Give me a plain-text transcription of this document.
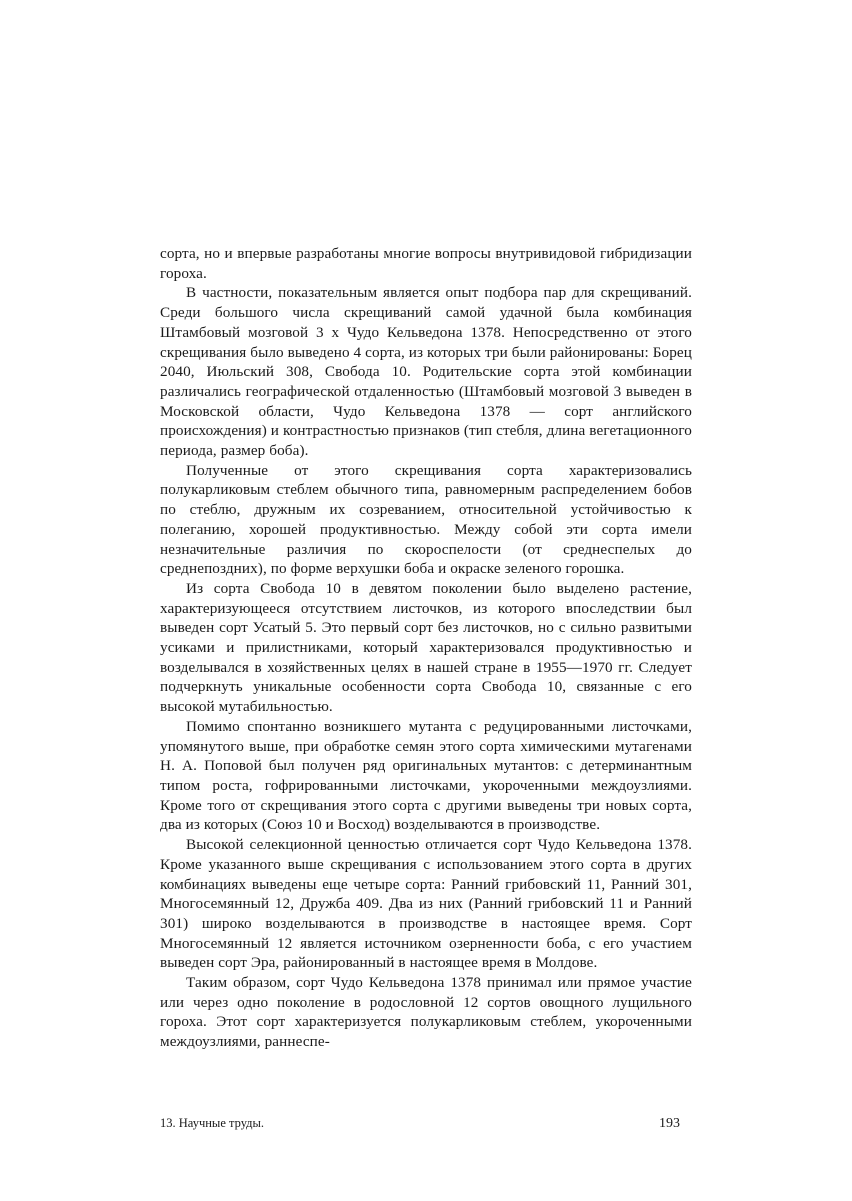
сорта, но и впервые разработаны многие вопросы внутривидовой гибридизации гороха.

В частности, показательным является опыт подбора пар для скрещиваний. Среди большого числа скрещиваний самой удачной была комбинация Штамбовый мозговой 3 х Чудо Кельведона 1378. Непосредственно от этого скрещивания было выведено 4 сорта, из которых три были районированы: Борец 2040, Июльский 308, Свобода 10. Родительские сорта этой комбинации различались географической отдаленностью (Штамбовый мозговой 3 выведен в Московской области, Чудо Кельведона 1378 — сорт английского происхождения) и контрастностью признаков (тип стебля, длина вегетационного периода, размер боба).

Полученные от этого скрещивания сорта характеризовались полукарликовым стеблем обычного типа, равномерным распределением бобов по стеблю, дружным их созреванием, относительной устойчивостью к полеганию, хорошей продуктивностью. Между собой эти сорта имели незначительные различия по скороспелости (от среднеспелых до среднепоздних), по форме верхушки боба и окраске зеленого горошка.

Из сорта Свобода 10 в девятом поколении было выделено растение, характеризующееся отсутствием листочков, из которого впоследствии был выведен сорт Усатый 5. Это первый сорт без листочков, но с сильно развитыми усиками и прилистниками, который характеризовался продуктивностью и возделывался в хозяйственных целях в нашей стране в 1955—1970 гг. Следует подчеркнуть уникальные особенности сорта Свобода 10, связанные с его высокой мутабильностью.

Помимо спонтанно возникшего мутанта с редуцированными листочками, упомянутого выше, при обработке семян этого сорта химическими мутагенами Н. А. Поповой был получен ряд оригинальных мутантов: с детерминантным типом роста, гофрированными листочками, укороченными междоузлиями. Кроме того от скрещивания этого сорта с другими выведены три новых сорта, два из которых (Союз 10 и Восход) возделываются в производстве.

Высокой селекционной ценностью отличается сорт Чудо Кельведона 1378. Кроме указанного выше скрещивания с использованием этого сорта в других комбинациях выведены еще четыре сорта: Ранний грибовский 11, Ранний 301, Многосемянный 12, Дружба 409. Два из них (Ранний грибовский 11 и Ранний 301) широко возделываются в производстве в настоящее время. Сорт Многосемянный 12 является источником озерненности боба, с его участием выведен сорт Эра, районированный в настоящее время в Молдове.

Таким образом, сорт Чудо Кельведона 1378 принимал или прямое участие или через одно поколение в родословной 12 сортов овощного лущильного гороха. Этот сорт характеризуется полукарликовым стеблем, укороченными междоузлиями, раннеспе-

13. Научные труды.	193
